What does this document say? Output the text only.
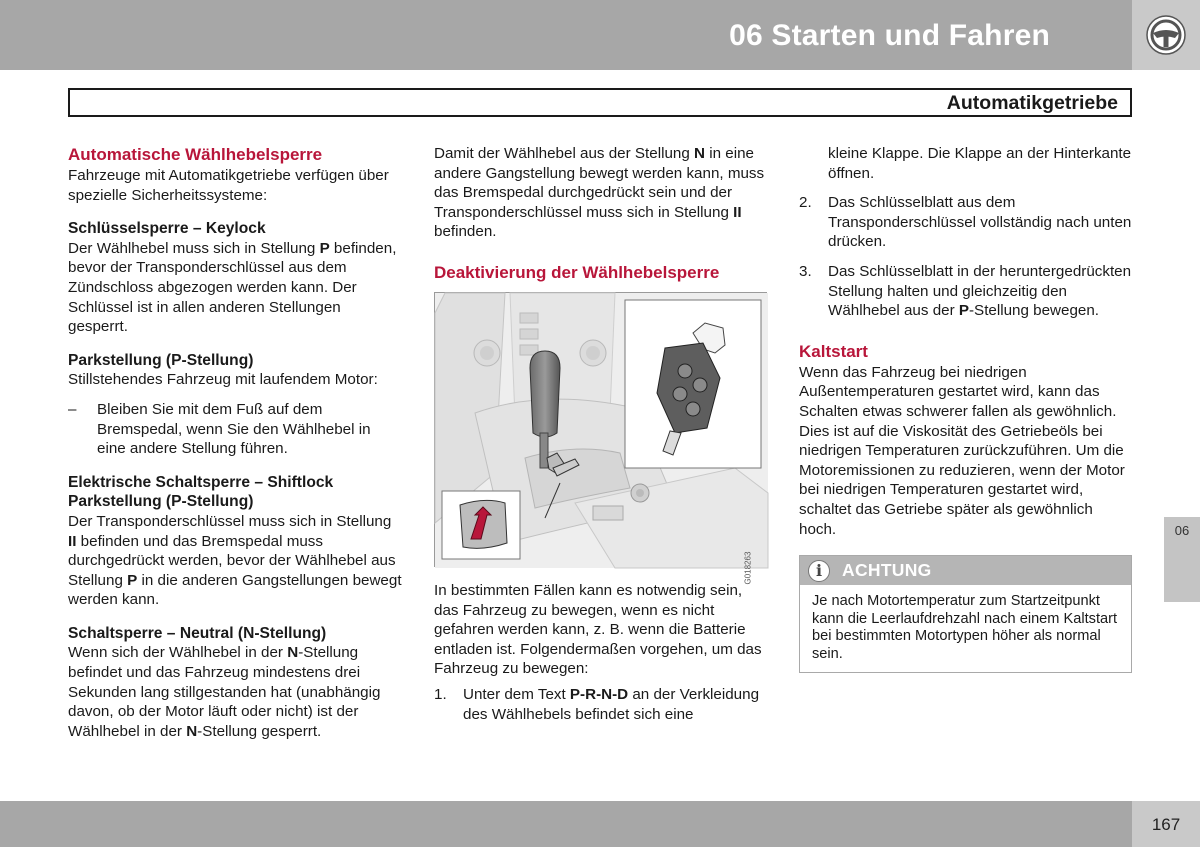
06 Starten und Fahren
Automatikgetriebe
Automatische Wählhebelsperre

Fahrzeuge mit Automatikgetriebe verfügen über spezielle Sicherheitssysteme:

Schlüsselsperre – Keylock

Der Wählhebel muss sich in Stellung P befinden, bevor der Transponderschlüssel aus dem Zündschloss abgezogen werden kann. Der Schlüssel ist in allen anderen Stellungen gesperrt.

Parkstellung (P-Stellung)

Stillstehendes Fahrzeug mit laufendem Motor:

– Bleiben Sie mit dem Fuß auf dem Bremspedal, wenn Sie den Wählhebel in eine andere Stellung führen.
Elektrische Schaltsperre – Shiftlock
Parkstellung (P-Stellung)

Der Transponderschlüssel muss sich in Stellung II befinden und das Bremspedal muss durchgedrückt werden, bevor der Wählhebel aus Stellung P in die anderen Gangstellungen bewegt werden kann.

Schaltsperre – Neutral (N-Stellung)

Wenn sich der Wählhebel in der N-Stellung befindet und das Fahrzeug mindestens drei Sekunden lang stillgestanden hat (unabhängig davon, ob der Motor läuft oder nicht) ist der Wählhebel in der N-Stellung gesperrt.

Damit der Wählhebel aus der Stellung N in eine andere Gangstellung bewegt werden kann, muss das Bremspedal durchgedrückt sein und der Transponderschlüssel muss sich in Stellung II befinden.

Deaktivierung der Wählhebelsperre
G018263

In bestimmten Fällen kann es notwendig sein, das Fahrzeug zu bewegen, wenn es nicht gefahren werden kann, z. B. wenn die Batterie entladen ist. Folgendermaßen vorgehen, um das Fahrzeug zu bewegen:

1. Unter dem Text P-R-N-D an der Verkleidung des Wählhebels befindet sich eine
kleine Klappe. Die Klappe an der Hinterkante öffnen.
2. Das Schlüsselblatt aus dem Transponderschlüssel vollständig nach unten drücken.
3. Das Schlüsselblatt in der heruntergedrückten Stellung halten und gleichzeitig den Wählhebel aus der P-Stellung bewegen.
Kaltstart

Wenn das Fahrzeug bei niedrigen Außentemperaturen gestartet wird, kann das Schalten etwas schwerer fallen als gewöhnlich. Dies ist auf die Viskosität des Getriebeöls bei niedrigen Temperaturen zurückzuführen. Um die Motoremissionen zu reduzieren, wenn der Motor bei niedrigen Temperaturen gestartet wird, schaltet das Getriebe später als gewöhnlich hoch.

i	ACHTUNG
Je nach Motortemperatur zum Startzeitpunkt kann die Leerlaufdrehzahl nach einem Kaltstart bei bestimmten Motortypen höher als normal sein.
06
167
